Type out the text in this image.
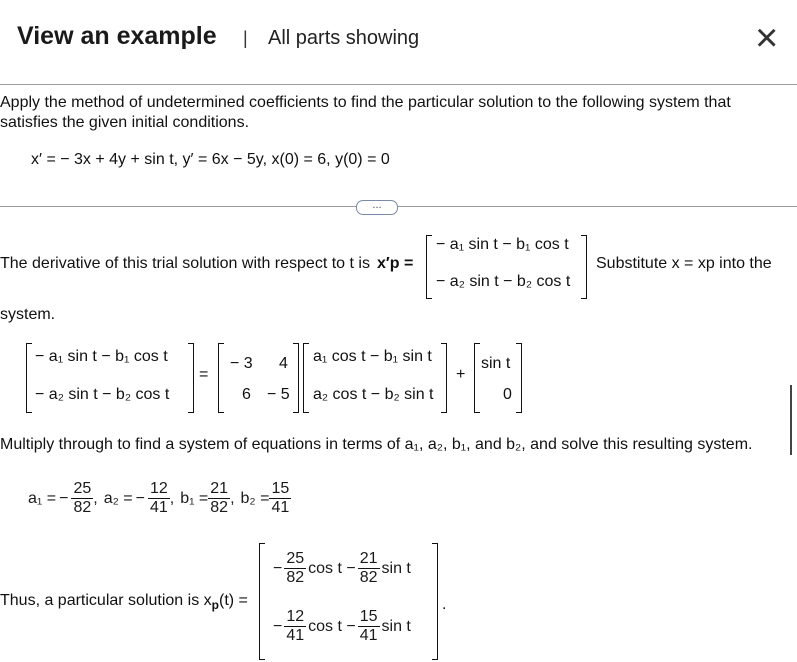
View an example | All parts showing	×
Apply the method of undetermined coefficients to find the particular solution to the following system that
satisfies the given initial conditions.
x′ = − 3x + 4y + sin t, y′ = 6x − 5y, x(0) = 6, y(0) = 0
...
The derivative of this trial solution with respect to t is x′p =
− a₁ sin t − b₁ cos t
− a₂ sin t − b₂ cos t
Substitute x = xp into the
system.
− a₁ sin t − b₁ cos t
− a₂ sin t − b₂ cos t
=
− 3 4
6 − 5
a₁ cos t − b₁ sin t
a₂ cos t − b₂ sin t
+
sin t
0
Multiply through to find a system of equations in terms of a₁, a₂, b₁, and b₂, and solve this resulting system.
a₁ = − $\frac{25}{82}$ , a₂ = − $\frac{12}{41}$ , $b_1 = \frac{21}{82}$ , $b_2 = \frac{15}{41}$
Thus, a particular solution is $x_p(t)$ =
− $\frac{25}{82}$ $\cos t - \frac{21}{82}$ sin t
− $\frac{12}{41}$ $\cos t - \frac{15}{41}$ sin t
.
